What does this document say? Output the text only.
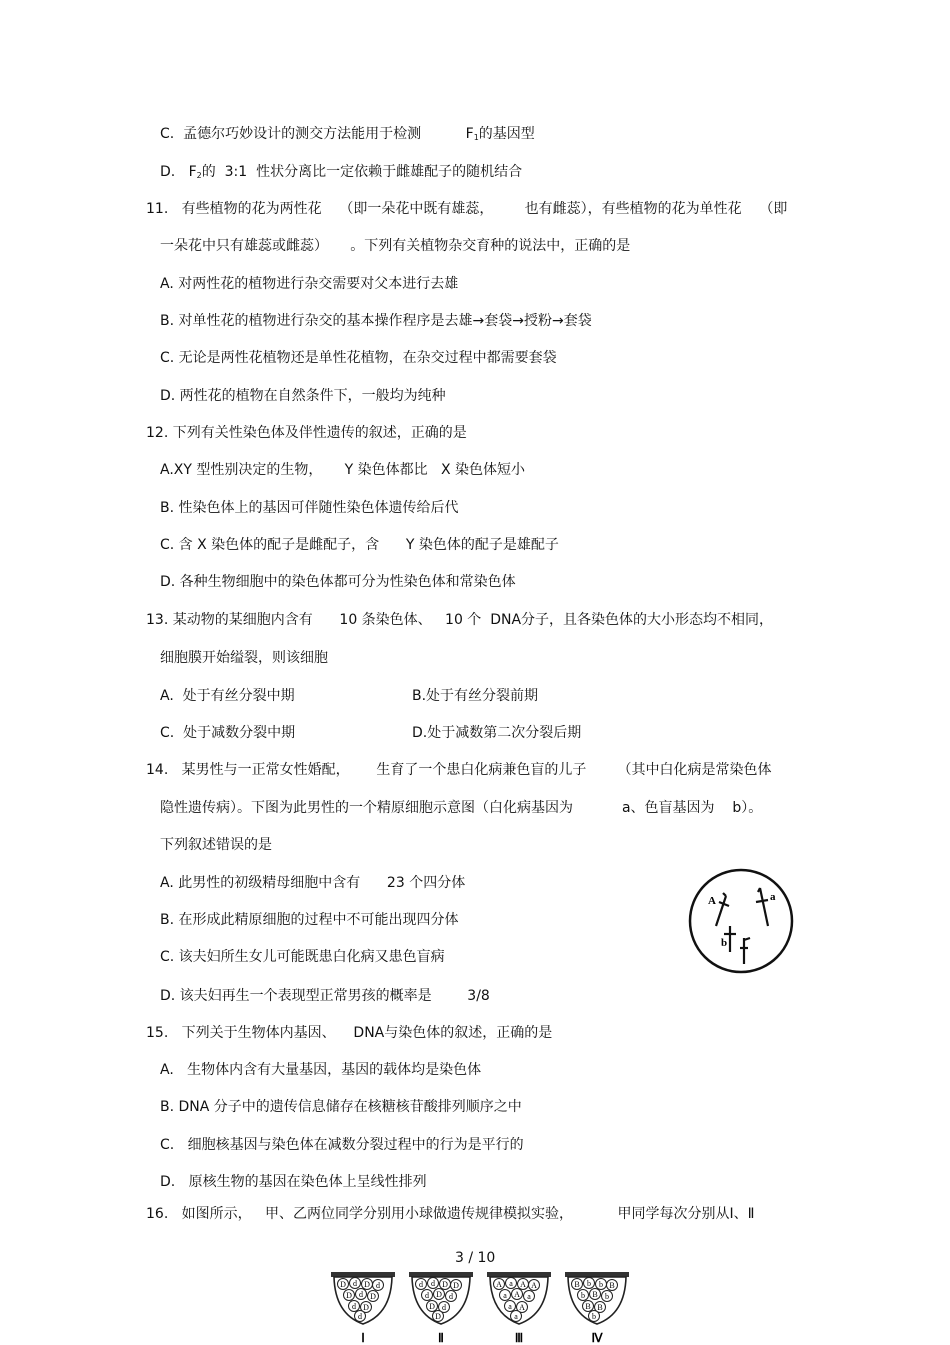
C.  孟德尔巧妙设计的测交方法能用于检测	$F_1$的基因型
D.   $F_2$的  3:1  性状分离比一定依赖于雌雄配子的随机结合
11.   有些植物的花为两性花    （即一朵花中既有雄蕊，       也有雌蕊），有些植物的花为单性花    （即
一朵花中只有雄蕊或雌蕊）     。下列有关植物杂交育种的说法中，正确的是
A. 对两性花的植物进行杂交需要对父本进行去雄
B. 对单性花的植物进行杂交的基本操作程序是去雄→套袋→授粉→套袋
C. 无论是两性花植物还是单性花植物，在杂交过程中都需要套袋
D. 两性花的植物在自然条件下，一般均为纯种
12. 下列有关性染色体及伴性遗传的叙述，正确的是
A.XY 型性别决定的生物，     Y 染色体都比   X 染色体短小
B. 性染色体上的基因可伴随性染色体遗传给后代
C. 含 X 染色体的配子是雌配子，含      Y 染色体的配子是雄配子
D. 各种生物细胞中的染色体都可分为性染色体和常染色体
13. 某动物的某细胞内含有      10 条染色体、   10 个  DNA分子，且各染色体的大小形态均不相同，
细胞膜开始缢裂，则该细胞
A.  处于有丝分裂中期	B.处于有丝分裂前期
C.  处于减数分裂中期	D.处于减数第二次分裂后期
14.   某男性与一正常女性婚配，      生育了一个患白化病兼色盲的儿子       （其中白化病是常染色体
隐性遗传病）。下图为此男性的一个精原细胞示意图（白化病基因为           a、色盲基因为    b）。
下列叙述错误的是
A. 此男性的初级精母细胞中含有      23 个四分体
B. 在形成此精原细胞的过程中不可能出现四分体
C. 该夫妇所生女儿可能既患白化病又患色盲病
D. 该夫妇再生一个表现型正常男孩的概率是        3/8
A	a
b
15.   下列关于生物体内基因、    DNA与染色体的叙述，正确的是
A.   生物体内含有大量基因，基因的载体均是染色体
B. DNA 分子中的遗传信息储存在核糖核苷酸排列顺序之中
C.   细胞核基因与染色体在减数分裂过程中的行为是平行的
D.   原核生物的基因在染色体上呈线性排列
16.   如图所示，   甲、乙两位同学分别用小球做遗传规律模拟实验，          甲同学每次分别从Ⅰ、Ⅱ
3 / 10
D d D d
D d D
d D
d
Ⅰ
d d D D
d D d
D d
D
Ⅱ
A a A A
a A a
a A
a
Ⅲ
B b b B
b B b
B B
b
Ⅳ
